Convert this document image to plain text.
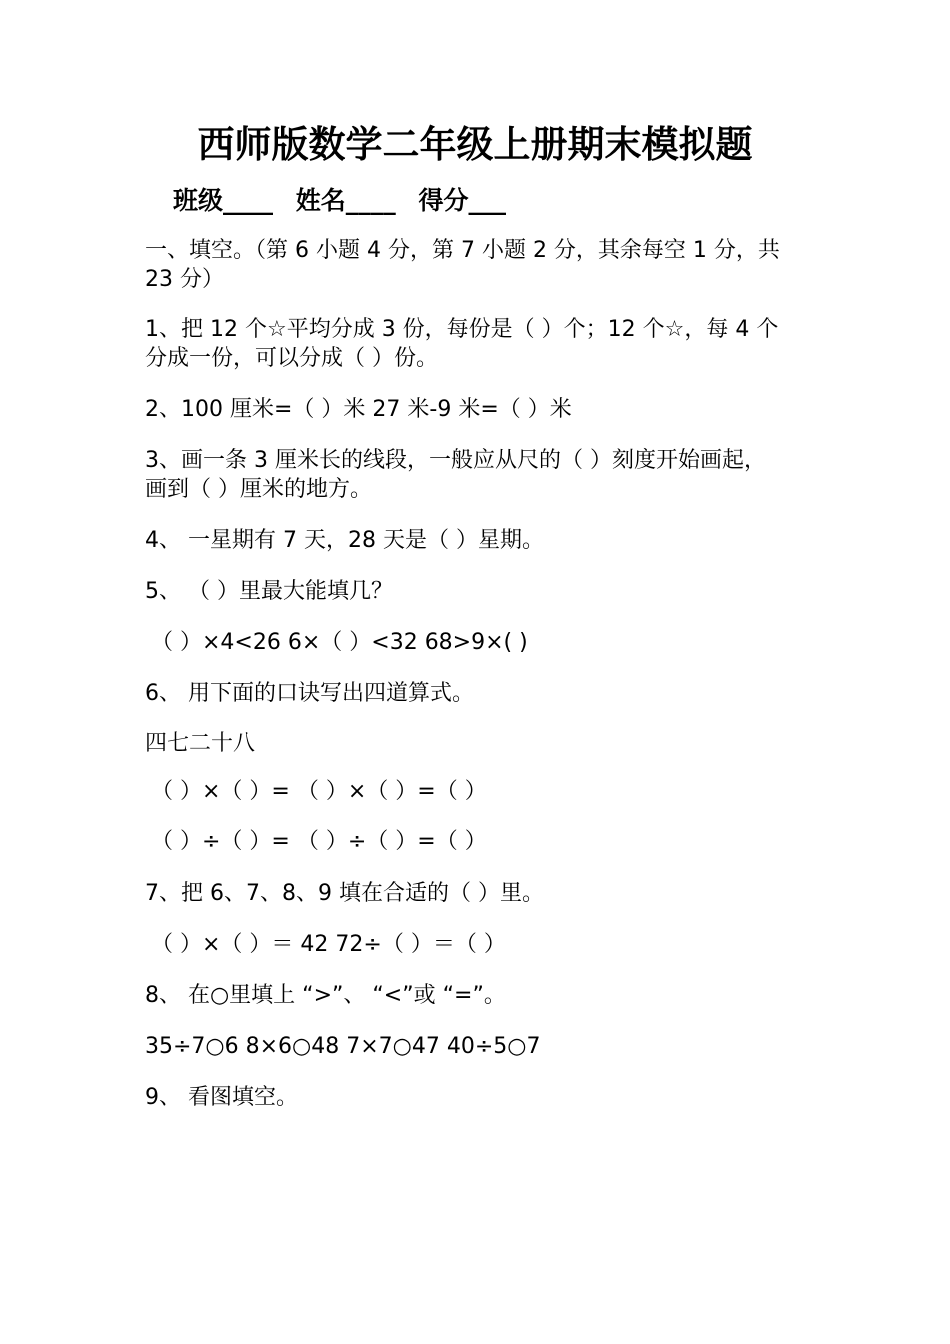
西师版数学二年级上册期末模拟题
班级____ 姓名____ 得分___
一、填空。（第 6 小题 4 分，第 7 小题 2 分，其余每空 1 分，共
23 分）
1、把 12 个☆平均分成 3 份，每份是（ ）个；12 个☆，每 4 个
分成一份，可以分成（ ）份。
2、100 厘米=（ ）米 27 米-9 米=（ ）米
3、画一条 3 厘米长的线段，一般应从尺的（ ）刻度开始画起，
画到（ ）厘米的地方。
4、 一星期有 7 天，28 天是（ ）星期。
5、 （ ）里最大能填几？
（ ）×4<26 6×（ ）<32 68>9×( )
6、 用下面的口诀写出四道算式。
四七二十八
（ ）×（ ）= （ ）×（ ）=（ ）
（ ）÷（ ）= （ ）÷（ ）=（ ）
7、把 6、7、8、9 填在合适的（ ）里。
（ ）×（ ）＝ 42 72÷（ ）＝（ ）
8、 在○里填上 “>”、 “<”或 “=”。
35÷7○6 8×6○48 7×7○47 40÷5○7
9、 看图填空。
